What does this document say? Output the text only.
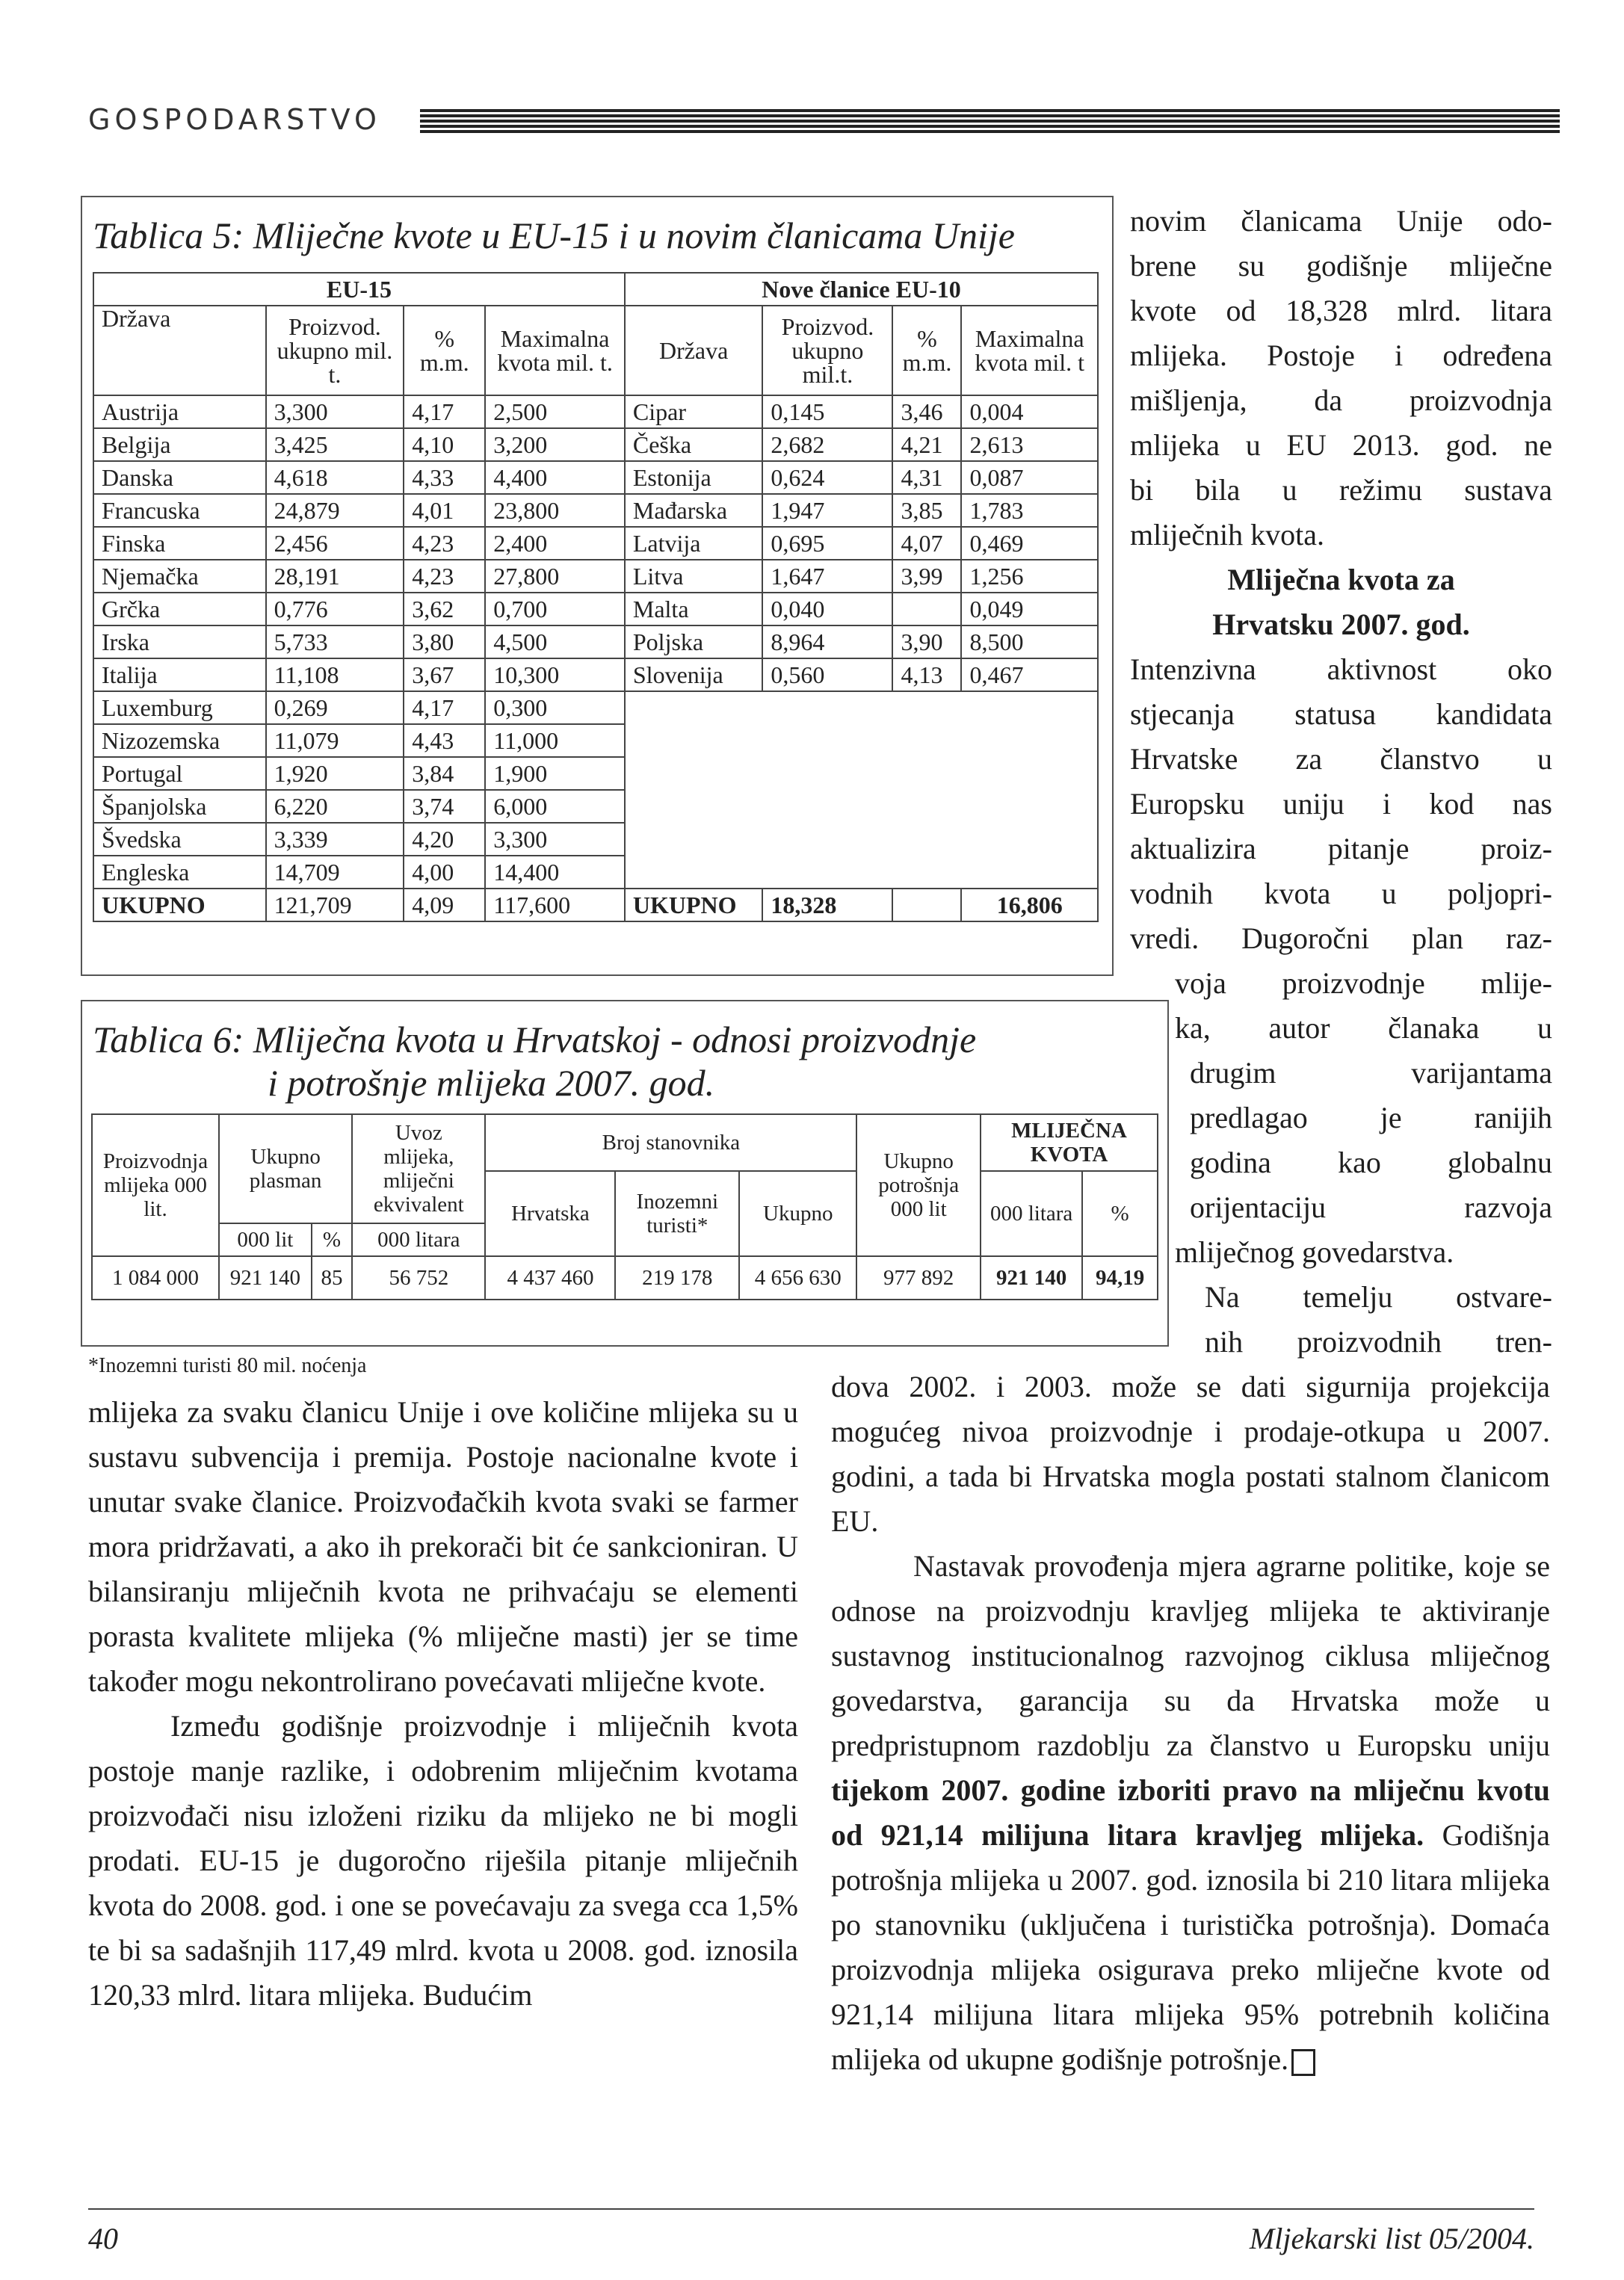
GOSPODARSTVO
Tablica 5: Mliječne kvote u EU-15 i u novim članicama Unije
EU-15				Nove članice EU-10			
Država	Proizvod. ukupno mil. t.	% m.m.	Maximalna kvota mil. t.	Država	Proizvod. ukupno mil.t.	% m.m.	Maximalna kvota mil. t
Austrija	3,300	4,17	2,500	Cipar	0,145	3,46	0,004
Belgija	3,425	4,10	3,200	Češka	2,682	4,21	2,613
Danska	4,618	4,33	4,400	Estonija	0,624	4,31	0,087
Francuska	24,879	4,01	23,800	Mađarska	1,947	3,85	1,783
Finska	2,456	4,23	2,400	Latvija	0,695	4,07	0,469
Njemačka	28,191	4,23	27,800	Litva	1,647	3,99	1,256
Grčka	0,776	3,62	0,700	Malta	0,040		0,049
Irska	5,733	3,80	4,500	Poljska	8,964	3,90	8,500
Italija	11,108	3,67	10,300	Slovenija	0,560	4,13	0,467
Luxemburg	0,269	4,17	0,300				
Nizozemska	11,079	4,43	11,000				
Portugal	1,920	3,84	1,900				
Španjolska	6,220	3,74	6,000				
Švedska	3,339	4,20	3,300				
Engleska	14,709	4,00	14,400				
UKUPNO	121,709	4,09	117,600	UKUPNO	18,328		16,806
Tablica 6: Mliječna kvota u Hrvatskoj - odnosi proizvodnje
i potrošnje mlijeka 2007. god.
Proizvodnja mlijeka 000 lit.	Ukupno plasman		Uvoz mlijeka, mliječni ekvivalent	Broj stanovnika			Ukupno potrošnja 000 lit	MLIJEČNA KVOTA	
				Hrvatska	Inozemni turisti*	Ukupno		000 litara	%
	000 lit	%	000 litara						
1 084 000	921 140	85	56 752	4 437 460	219 178	4 656 630	977 892	921 140	94,19
*Inozemni turisti 80 mil. noćenja

mlijeka za svaku članicu Unije i ove količine mlijeka su u sustavu subvencija i premija. Postoje nacionalne kvote i unutar svake članice. Proizvođačkih kvota svaki se farmer mora pridržavati, a ako ih prekorači bit će sankcioniran. U bilansiranju mliječnih kvota ne prihvaćaju se elementi porasta kvalitete mlijeka (% mliječne masti) jer se time također mogu nekontrolirano povećavati mliječne kvote.

Između godišnje proizvodnje i mliječnih kvota postoje manje razlike, i odobrenim mliječnim kvotama proizvođači nisu izloženi riziku da mlijeko ne bi mogli prodati. EU-15 je dugoročno riješila pitanje mliječnih kvota do 2008. god. i one se povećavaju za svega cca 1,5% te bi sa sadašnjih 117,49 mlrd. kvota u 2008. god. iznosila 120,33 mlrd. litara mlijeka. Budućim

novim članicama Unije odo-

brene su godišnje mliječne

kvote od 18,328 mlrd. litara

mlijeka. Postoje i određena

mišljenja, da proizvodnja

mlijeka u EU 2013. god. ne

bi bila u režimu sustava

mliječnih kvota.

Mliječna kvota za

Hrvatsku 2007. god.

Intenzivna aktivnost oko

stjecanja statusa kandidata

Hrvatske za članstvo u

Europsku uniju i kod nas

aktualizira pitanje proiz-

vodnih kvota u poljopri-

vredi. Dugoročni plan raz-

voja proizvodnje mlije-

ka, autor članaka u

drugim varijantama

predlagao je ranijih

godina kao globalnu

orijentaciju razvoja

mliječnog govedarstva.

Na temelju ostvare-

nih proizvodnih tren-

dova 2002. i 2003. može se dati sigurnija projekcija mogućeg nivoa proizvodnje i prodaje-otkupa u 2007. godini, a tada bi Hrvatska mogla postati stalnom članicom EU.

Nastavak provođenja mjera agrarne politike, koje se odnose na proizvodnju kravljeg mlijeka te aktiviranje sustavnog institucionalnog razvojnog ciklusa mliječnog govedarstva, garancija su da Hrvatska može u predpristupnom razdoblju za članstvo u Europsku uniju tijekom 2007. godine izboriti pravo na mliječnu kvotu od 921,14 milijuna litara kravljeg mlijeka. Godišnja potrošnja mlijeka u 2007. god. iznosila bi 210 litara mlijeka po stanovniku (uključena i turistička potrošnja). Domaća proizvodnja mlijeka osigurava preko mliječne kvote od 921,14 milijuna litara mlijeka 95% potrebnih količina mlijeka od ukupne godišnje potrošnje.

40	Mljekarski list 05/2004.
